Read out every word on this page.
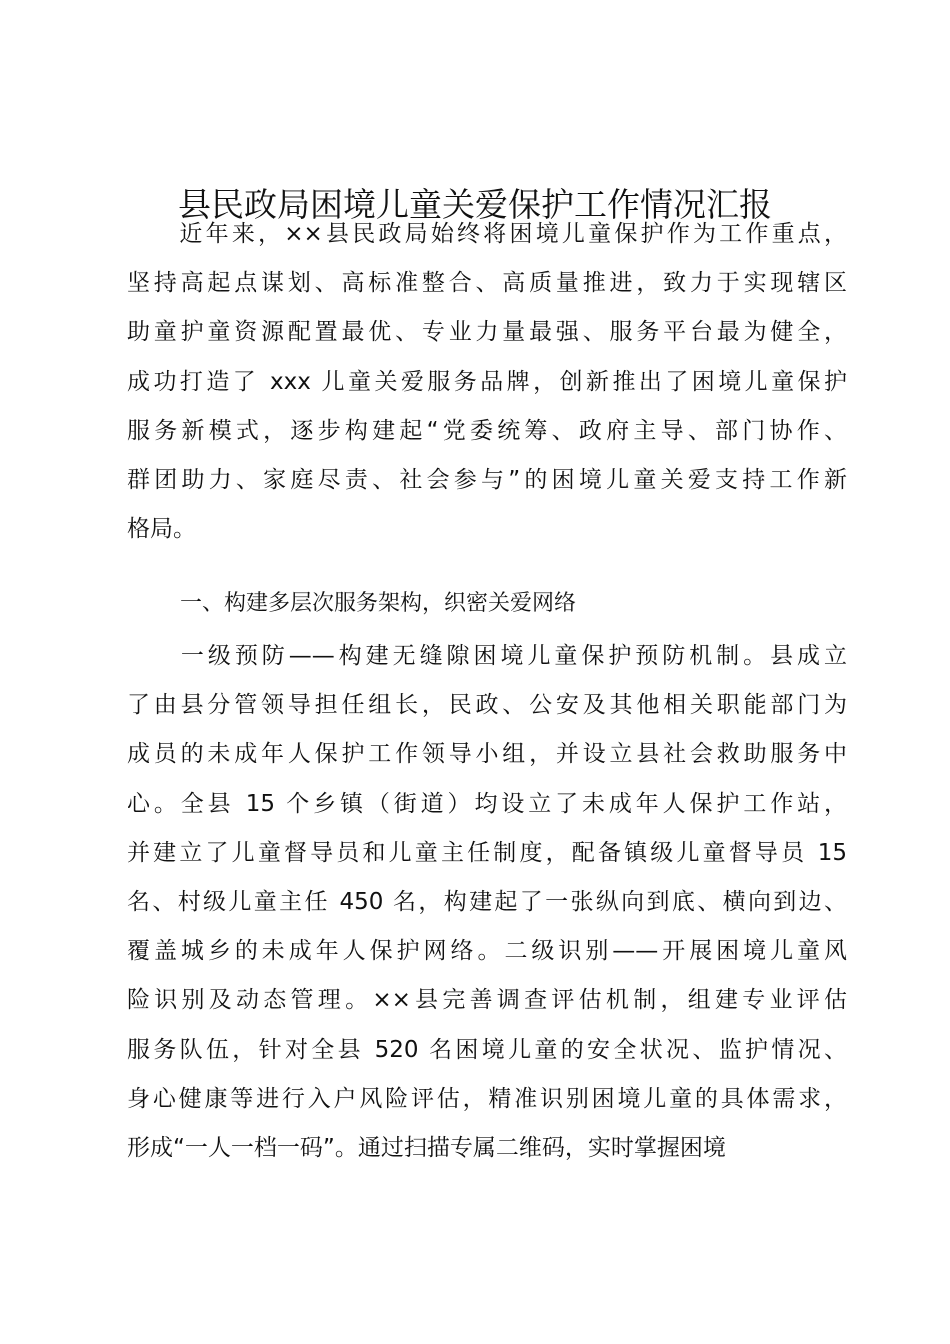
县民政局困境儿童关爱保护工作情况汇报
　　近年来，××县民政局始终将困境儿童保护作为工作重点，
坚持高起点谋划、高标准整合、高质量推进，致力于实现辖区
助童护童资源配置最优、专业力量最强、服务平台最为健全，
成功打造了 xxx 儿童关爱服务品牌，创新推出了困境儿童保护
服务新模式，逐步构建起“党委统筹、政府主导、部门协作、
群团助力、家庭尽责、社会参与”的困境儿童关爱支持工作新
格局。
一、构建多层次服务架构，织密关爱网络
　　一级预防——构建无缝隙困境儿童保护预防机制。县成立
了由县分管领导担任组长，民政、公安及其他相关职能部门为
成员的未成年人保护工作领导小组，并设立县社会救助服务中
心。全县 15 个乡镇（街道）均设立了未成年人保护工作站，
并建立了儿童督导员和儿童主任制度，配备镇级儿童督导员 15
名、村级儿童主任 450 名，构建起了一张纵向到底、横向到边、
覆盖城乡的未成年人保护网络。二级识别——开展困境儿童风
险识别及动态管理。××县完善调查评估机制，组建专业评估
服务队伍，针对全县 520 名困境儿童的安全状况、监护情况、
身心健康等进行入户风险评估，精准识别困境儿童的具体需求，
形成“一人一档一码”。通过扫描专属二维码，实时掌握困境
